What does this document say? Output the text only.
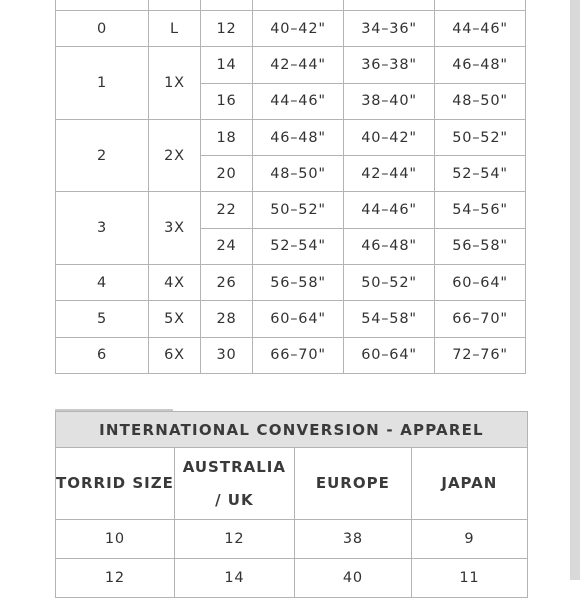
0	L	12	40–42"	34–36"	44–46"
1	1X	14	42–44"	36–38"	46–48"
		16	44–46"	38–40"	48–50"
2	2X	18	46–48"	40–42"	50–52"
		20	48–50"	42–44"	52–54"
3	3X	22	50–52"	44–46"	54–56"
		24	52–54"	46–48"	56–58"
4	4X	26	56–58"	50–52"	60–64"
5	5X	28	60–64"	54–58"	66–70"
6	6X	30	66–70"	60–64"	72–76"
INTERNATIONAL CONVERSION - APPAREL			
TORRID SIZE	AUSTRALIA / UK	EUROPE	JAPAN
10	12	38	9
12	14	40	11
